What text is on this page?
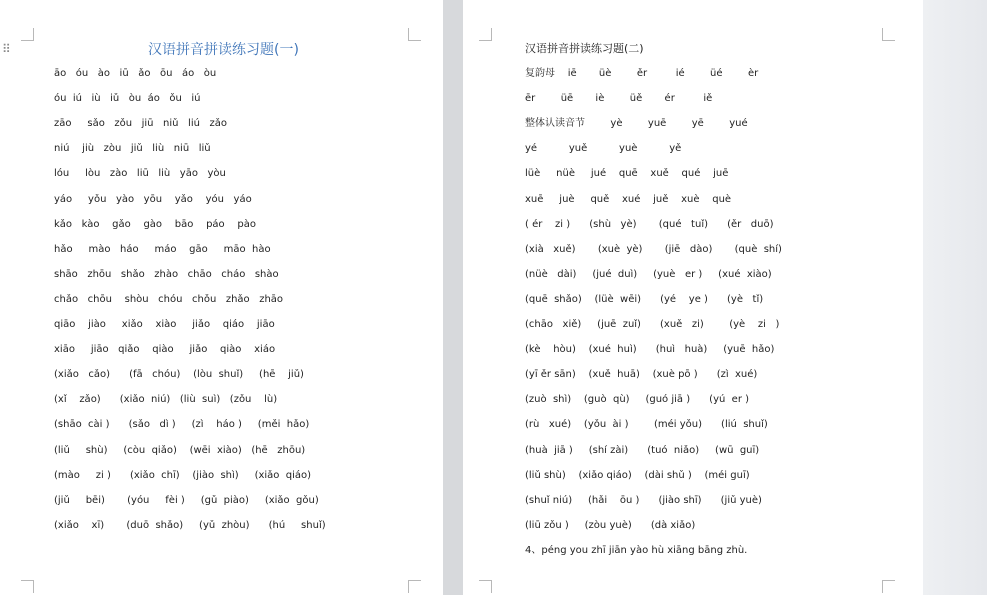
⠿	汉语拼音拼读练习题(一)	汉语拼音拼读练习题(二)
āo   óu   ào   iū   ǎo   ōu   áo   òu
óu  iú   iù   iǔ   òu  áo   ǒu   iú
zāo     sǎo   zǒu   jiū   niǔ   liú   zǎo
niú    jiù   zòu   jiǔ   liù   niū   liǔ
lóu     lòu   zào   liū   liù   yāo   yòu
yáo     yǒu   yào   yōu    yǎo    yóu   yáo
kǎo   kào    gǎo    gào    bāo    páo    pào
hǎo     mào   háo     máo    gāo     māo  hào
shāo   zhōu   shǎo   zhào   chāo   cháo   shào
chǎo   chōu    shòu   chóu   chǒu   zhǎo   zhāo
qiāo    jiào     xiǎo    xiào     jiǎo    qiáo    jiāo
xiāo     jiāo   qiǎo    qiào     jiǎo    qiào    xiáo
(xiǎo   cǎo)      (fā   chóu)    (lòu  shuǐ)     (hē    jiǔ)
(xǐ    zǎo)      (xiǎo  niú)   (liù  suì)   (zǒu    lù)
(shāo  cài )      (sǎo   dì )     (zì    háo )     (měi  hǎo)
(liǔ     shù)     (còu  qiǎo)    (wēi  xiào)   (hē   zhōu)
(mào     zi )      (xiǎo  chī)    (jiào  shì)     (xiǎo  qiáo)
(jiǔ     bēi)       (yóu     fèi )     (gǔ  piào)     (xiǎo  gǒu)
(xiǎo    xī)       (duō  shǎo)     (yǔ  zhòu)      (hú     shuǐ)
复韵母    iē       üè        ěr         ié        üé        èr
ēr        üē       iè        üě       ér         iě
整体认读音节        yè        yuē        yē        yué
yé          yuě          yuè          yě
lüè     nüè     jué    quē    xuě    qué    juē
xuē     juè     quě    xué    juě    xuè    què
( ér    zi )      (shù   yè)       (qué   tuǐ)      (ěr   duō)
(xià   xuě)       (xuè  yè)       (jiē   dào)       (què  shí)
(nüè   dài)     (jué  duì)     (yuè   er )     (xué  xiào)
(quē  shǎo)    (lüè  wēi)      (yé    ye )      (yè   tǐ)
(chāo   xiě)     (juē  zuǐ)      (xuě   zi)        (yè    zi   )
(kè    hòu)    (xué  huì)      (huì   huà)     (yuē  hǎo)
(yī ěr sān)    (xuě  huā)    (xuè pō )      (zì  xué)
(zuò  shì)    (guò  qù)     (guó jiā )      (yú  er )
(rù   xué)    (yǒu  ài )        (méi yǒu)      (liú  shuǐ)
(huà  jiā )     (shí zài)      (tuó  niǎo)     (wū  guī)
(liǔ shù)    (xiǎo qiáo)    (dài shǔ )    (méi guī)
(shuǐ niú)     (hǎi    ōu )      (jiào shī)      (jiǔ yuè)
(liū zǒu )     (zòu yuè)      (dà xiǎo)
4、péng you zhī jiān yào hù xiāng bāng zhù.
